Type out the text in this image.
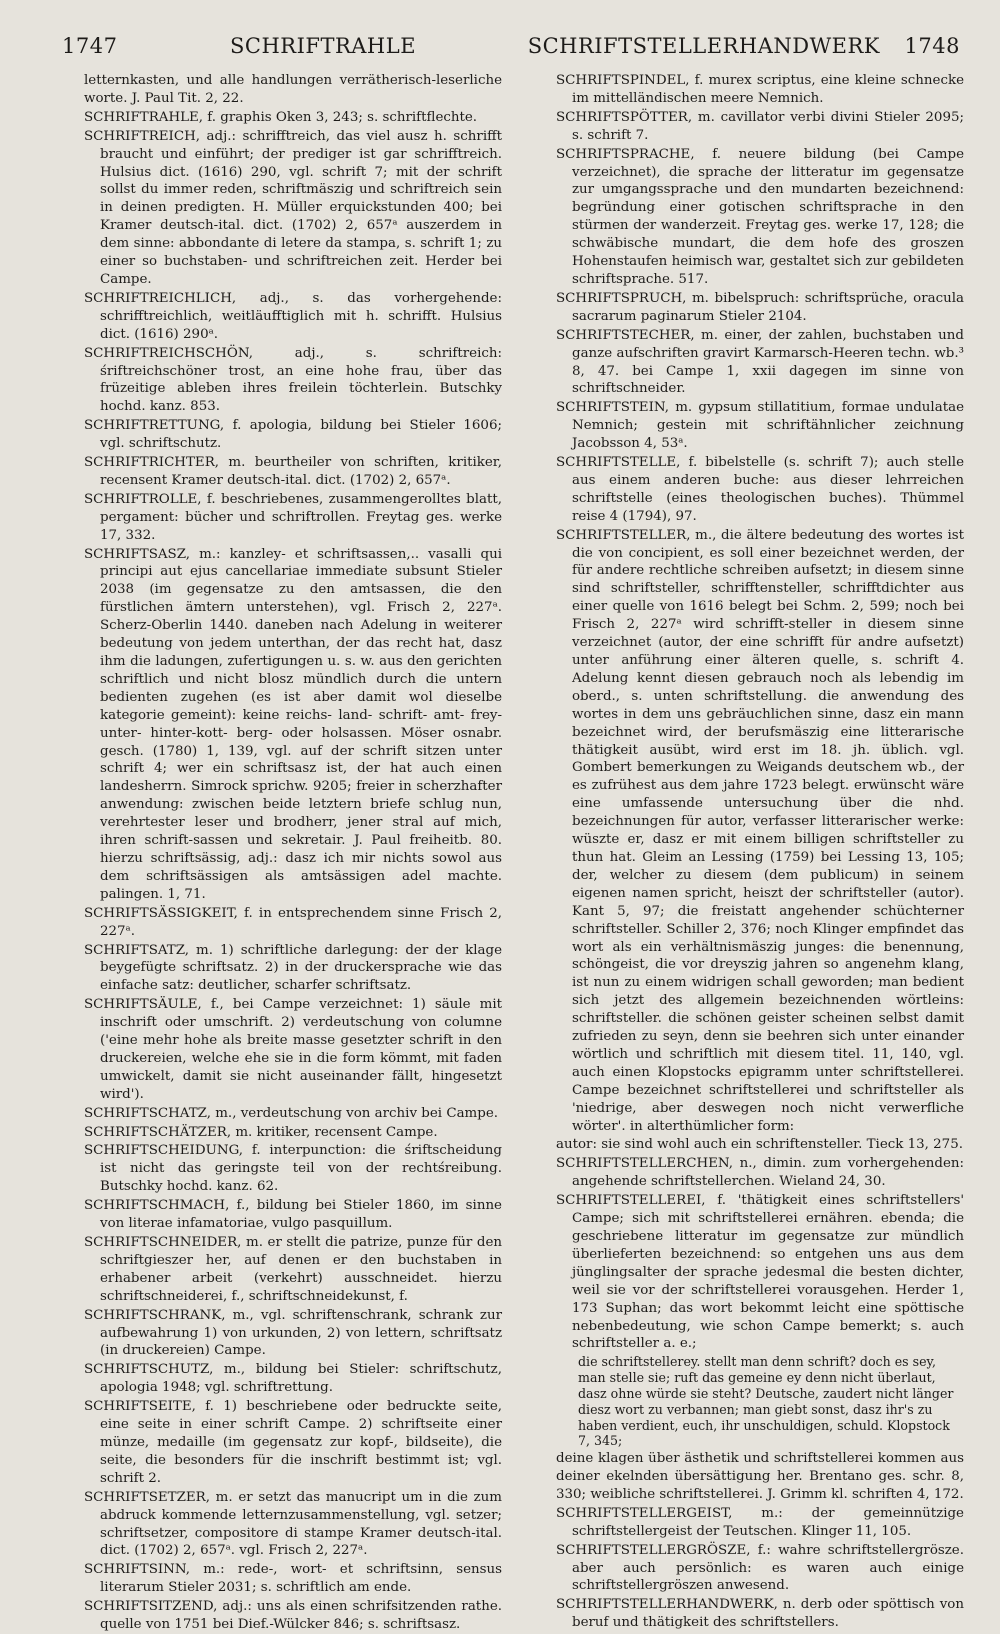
1747	SCHRIFTRAHLE	SCHRIFTSTELLERHANDWERK 1748

letternkasten, und alle handlungen verrätherisch-leserliche worte. J. Paul Tit. 2, 22.

SCHRIFTRAHLE, f. graphis Oken 3, 243; s. schriftflechte.

SCHRIFTREICH, adj.: schrifftreich, das viel ausz h. schrifft braucht und einführt; der prediger ist gar schrifftreich. Hulsius dict. (1616) 290, vgl. schrift 7; mit der schrift sollst du immer reden, schriftmäszig und schriftreich sein in deinen predigten. H. Müller erquickstunden 400; bei Kramer deutsch-ital. dict. (1702) 2, 657ᵃ auszerdem in dem sinne: abbondante di letere da stampa, s. schrift 1; zu einer so buchstaben- und schriftreichen zeit. Herder bei Campe.

SCHRIFTREICHLICH, adj., s. das vorhergehende: schrifftreichlich, weitläufftiglich mit h. schrifft. Hulsius dict. (1616) 290ᵃ.

SCHRIFTREICHSCHÖN, adj., s. schriftreich: śriftreichschöner trost, an eine hohe frau, über das früzeitige ableben ihres freilein töchterlein. Butschky hochd. kanz. 853.

SCHRIFTRETTUNG, f. apologia, bildung bei Stieler 1606; vgl. schriftschutz.

SCHRIFTRICHTER, m. beurtheiler von schriften, kritiker, recensent Kramer deutsch-ital. dict. (1702) 2, 657ᵃ.

SCHRIFTROLLE, f. beschriebenes, zusammengerolltes blatt, pergament: bücher und schriftrollen. Freytag ges. werke 17, 332.

SCHRIFTSASZ, m.: kanzley- et schriftsassen,.. vasalli qui principi aut ejus cancellariae immediate subsunt Stieler 2038 (im gegensatze zu den amtsassen, die den fürstlichen ämtern unterstehen), vgl. Frisch 2, 227ᵃ. Scherz-Oberlin 1440. daneben nach Adelung in weiterer bedeutung von jedem unterthan, der das recht hat, dasz ihm die ladungen, zufertigungen u. s. w. aus den gerichten schriftlich und nicht blosz mündlich durch die untern bedienten zugehen (es ist aber damit wol dieselbe kategorie gemeint): keine reichs- land- schrift- amt- frey- unter- hinter-kott- berg- oder holsassen. Möser osnabr. gesch. (1780) 1, 139, vgl. auf der schrift sitzen unter schrift 4; wer ein schriftsasz ist, der hat auch einen landesherrn. Simrock sprichw. 9205; freier in scherzhafter anwendung: zwischen beide letztern briefe schlug nun, verehrtester leser und brodherr, jener stral auf mich, ihren schrift-sassen und sekretair. J. Paul freiheitb. 80. hierzu schriftsässig, adj.: dasz ich mir nichts sowol aus dem schriftsässigen als amtsässigen adel machte. palingen. 1, 71.

SCHRIFTSÄSSIGKEIT, f. in entsprechendem sinne Frisch 2, 227ᵃ.

SCHRIFTSATZ, m. 1) schriftliche darlegung: der der klage beygefügte schriftsatz. 2) in der druckersprache wie das einfache satz: deutlicher, scharfer schriftsatz.

SCHRIFTSÄULE, f., bei Campe verzeichnet: 1) säule mit inschrift oder umschrift. 2) verdeutschung von columne ('eine mehr hohe als breite masse gesetzter schrift in den druckereien, welche ehe sie in die form kömmt, mit faden umwickelt, damit sie nicht auseinander fällt, hingesetzt wird').

SCHRIFTSCHATZ, m., verdeutschung von archiv bei Campe.

SCHRIFTSCHÄTZER, m. kritiker, recensent Campe.

SCHRIFTSCHEIDUNG, f. interpunction: die śriftscheidung ist nicht das geringste teil von der rechtśreibung. Butschky hochd. kanz. 62.

SCHRIFTSCHMACH, f., bildung bei Stieler 1860, im sinne von literae infamatoriae, vulgo pasquillum.

SCHRIFTSCHNEIDER, m. er stellt die patrize, punze für den schriftgieszer her, auf denen er den buchstaben in erhabener arbeit (verkehrt) ausschneidet. hierzu schriftschneiderei, f., schriftschneidekunst, f.

SCHRIFTSCHRANK, m., vgl. schriftenschrank, schrank zur aufbewahrung 1) von urkunden, 2) von lettern, schriftsatz (in druckereien) Campe.

SCHRIFTSCHUTZ, m., bildung bei Stieler: schriftschutz, apologia 1948; vgl. schriftrettung.

SCHRIFTSEITE, f. 1) beschriebene oder bedruckte seite, eine seite in einer schrift Campe. 2) schriftseite einer münze, medaille (im gegensatz zur kopf-, bildseite), die seite, die besonders für die inschrift bestimmt ist; vgl. schrift 2.

SCHRIFTSETZER, m. er setzt das manucript um in die zum abdruck kommende letternzusammenstellung, vgl. setzer; schriftsetzer, compositore di stampe Kramer deutsch-ital. dict. (1702) 2, 657ᵃ. vgl. Frisch 2, 227ᵃ.

SCHRIFTSINN, m.: rede-, wort- et schriftsinn, sensus literarum Stieler 2031; s. schriftlich am ende.

SCHRIFTSITZEND, adj.: uns als einen schrifsitzenden rathe. quelle von 1751 bei Dief.-Wülcker 846; s. schriftsasz.

SCHRIFTSPINDEL, f. murex scriptus, eine kleine schnecke im mittelländischen meere Nemnich.

SCHRIFTSPÖTTER, m. cavillator verbi divini Stieler 2095; s. schrift 7.

SCHRIFTSPRACHE, f. neuere bildung (bei Campe verzeichnet), die sprache der litteratur im gegensatze zur umgangssprache und den mundarten bezeichnend: begründung einer gotischen schriftsprache in den stürmen der wanderzeit. Freytag ges. werke 17, 128; die schwäbische mundart, die dem hofe des groszen Hohenstaufen heimisch war, gestaltet sich zur gebildeten schriftsprache. 517.

SCHRIFTSPRUCH, m. bibelspruch: schriftsprüche, oracula sacrarum paginarum Stieler 2104.

SCHRIFTSTECHER, m. einer, der zahlen, buchstaben und ganze aufschriften gravirt Karmarsch-Heeren techn. wb.³ 8, 47. bei Campe 1, xxii dagegen im sinne von schriftschneider.

SCHRIFTSTEIN, m. gypsum stillatitium, formae undulatae Nemnich; gestein mit schriftähnlicher zeichnung Jacobsson 4, 53ᵃ.

SCHRIFTSTELLE, f. bibelstelle (s. schrift 7); auch stelle aus einem anderen buche: aus dieser lehrreichen schriftstelle (eines theologischen buches). Thümmel reise 4 (1794), 97.

SCHRIFTSTELLER, m., die ältere bedeutung des wortes ist die von concipient, es soll einer bezeichnet werden, der für andere rechtliche schreiben aufsetzt; in diesem sinne sind schriftsteller, schrifftensteller, schrifftdichter aus einer quelle von 1616 belegt bei Schm. 2, 599; noch bei Frisch 2, 227ᵃ wird schrifft-steller in diesem sinne verzeichnet (autor, der eine schrifft für andre aufsetzt) unter anführung einer älteren quelle, s. schrift 4. Adelung kennt diesen gebrauch noch als lebendig im oberd., s. unten schriftstellung. die anwendung des wortes in dem uns gebräuchlichen sinne, dasz ein mann bezeichnet wird, der berufsmäszig eine litterarische thätigkeit ausübt, wird erst im 18. jh. üblich. vgl. Gombert bemerkungen zu Weigands deutschem wb., der es zufrühest aus dem jahre 1723 belegt. erwünscht wäre eine umfassende untersuchung über die nhd. bezeichnungen für autor, verfasser litterarischer werke: wüszte er, dasz er mit einem billigen schriftsteller zu thun hat. Gleim an Lessing (1759) bei Lessing 13, 105; der, welcher zu diesem (dem publicum) in seinem eigenen namen spricht, heiszt der schriftsteller (autor). Kant 5, 97; die freistatt angehender schüchterner schriftsteller. Schiller 2, 376; noch Klinger empfindet das wort als ein verhältnismäszig junges: die benennung, schöngeist, die vor dreyszig jahren so angenehm klang, ist nun zu einem widrigen schall geworden; man bedient sich jetzt des allgemein bezeichnenden wörtleins: schriftsteller. die schönen geister scheinen selbst damit zufrieden zu seyn, denn sie beehren sich unter einander wörtlich und schriftlich mit diesem titel. 11, 140, vgl. auch einen Klopstocks epigramm unter schriftstellerei. Campe bezeichnet schriftstellerei und schriftsteller als 'niedrige, aber deswegen noch nicht verwerfliche wörter'. in alterthümlicher form:

autor: sie sind wohl auch ein schriftensteller. Tieck 13, 275.

SCHRIFTSTELLERCHEN, n., dimin. zum vorhergehenden: angehende schriftstellerchen. Wieland 24, 30.

SCHRIFTSTELLEREI, f. 'thätigkeit eines schriftstellers' Campe; sich mit schriftstellerei ernähren. ebenda; die geschriebene litteratur im gegensatze zur mündlich überlieferten bezeichnend: so entgehen uns aus dem jünglingsalter der sprache jedesmal die besten dichter, weil sie vor der schriftstellerei vorausgehen. Herder 1, 173 Suphan; das wort bekommt leicht eine spöttische nebenbedeutung, wie schon Campe bemerkt; s. auch schriftsteller a. e.;

die schriftstellerey. stellt man denn schrift? doch es sey, man stelle sie; ruft das gemeine ey denn nicht überlaut, dasz ohne würde sie steht? Deutsche, zaudert nicht länger diesz wort zu verbannen; man giebt sonst, dasz ihr's zu haben verdient, euch, ihr unschuldigen, schuld. Klopstock 7, 345;

deine klagen über ästhetik und schriftstellerei kommen aus deiner ekelnden übersättigung her. Brentano ges. schr. 8, 330; weibliche schriftstellerei. J. Grimm kl. schriften 4, 172.

SCHRIFTSTELLERGEIST, m.: der gemeinnützige schriftstellergeist der Teutschen. Klinger 11, 105.

SCHRIFTSTELLERGRÖSZE, f.: wahre schriftstellergrösze. aber auch persönlich: es waren auch einige schriftstellergröszen anwesend.

SCHRIFTSTELLERHANDWERK, n. derb oder spöttisch von beruf und thätigkeit des schriftstellers.
